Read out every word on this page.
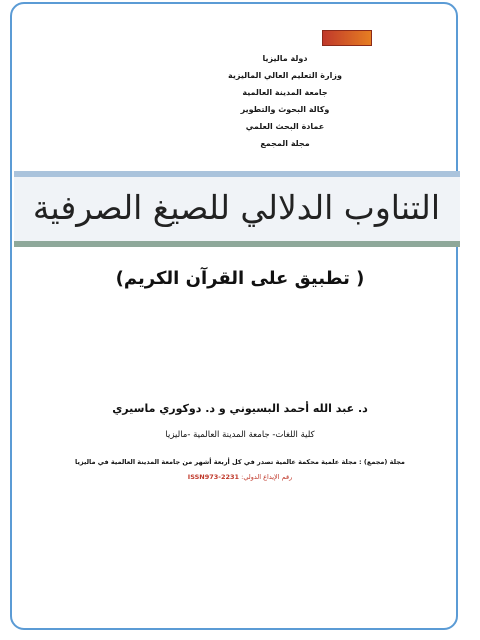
دولة ماليزيا
وزارة التعليم العالي الماليزية
جامعة المدينة العالمية
وكالة البحوث والتطوير
عمادة البحث العلمي
مجلة المجمع
التناوب الدلالي للصيغ الصرفية
( تطبيق على القرآن الكريم)
د. عبد الله أحمد البسيوني و د. دوكوري ماسيري
كلية اللغات- جامعة المدينة العالمية -ماليزيا
مجلة (مجمع) : مجلة علمية محكمة عالمية تصدر في كل أربعة أشهر من جامعة المدينة العالمية في ماليزيا
رقم الإيداع الدولي: ISSN973-2231
